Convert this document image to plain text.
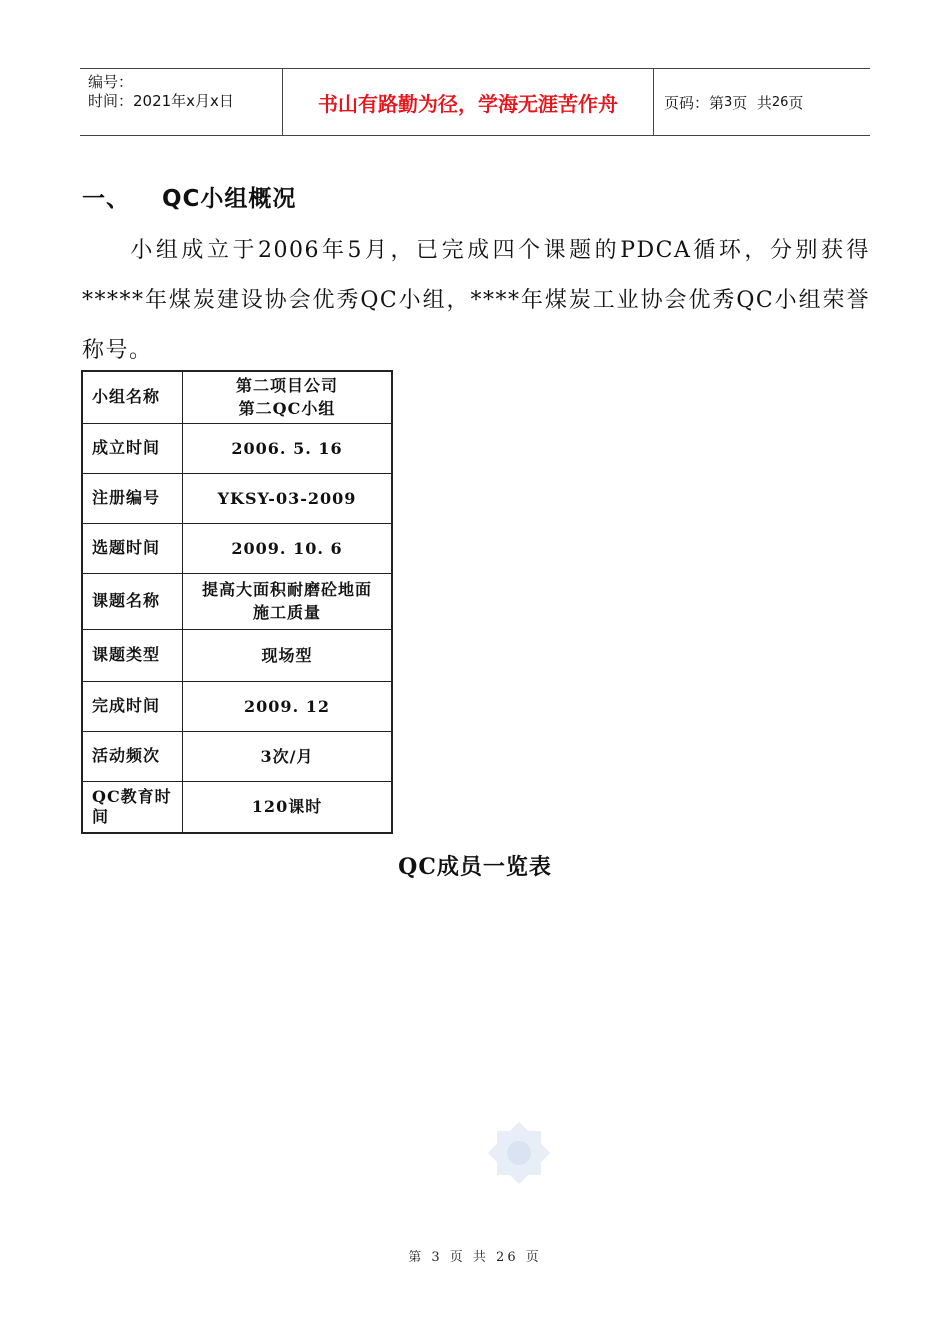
编号：
时间：2021年x月x日	书山有路勤为径，学海无涯苦作舟	页码：第 3 页  共 26 页
一、 QC小组概况
小组成立于2006年5月，已完成四个课题的PDCA循环，分别获得*****年煤炭建设协会优秀QC小组，****年煤炭工业协会优秀QC小组荣誉称号。
小组名称	第二项目公司
第二QC小组

成立时间	2006. 5. 16

注册编号	YKSY-03-2009

选题时间	2009. 10. 6

课题名称	提高大面积耐磨砼地面
施工质量

课题类型	现场型

完成时间	2009. 12

活动频次	3次/月

QC教育时间	120课时
QC成员一览表
第 3 页 共 26 页
